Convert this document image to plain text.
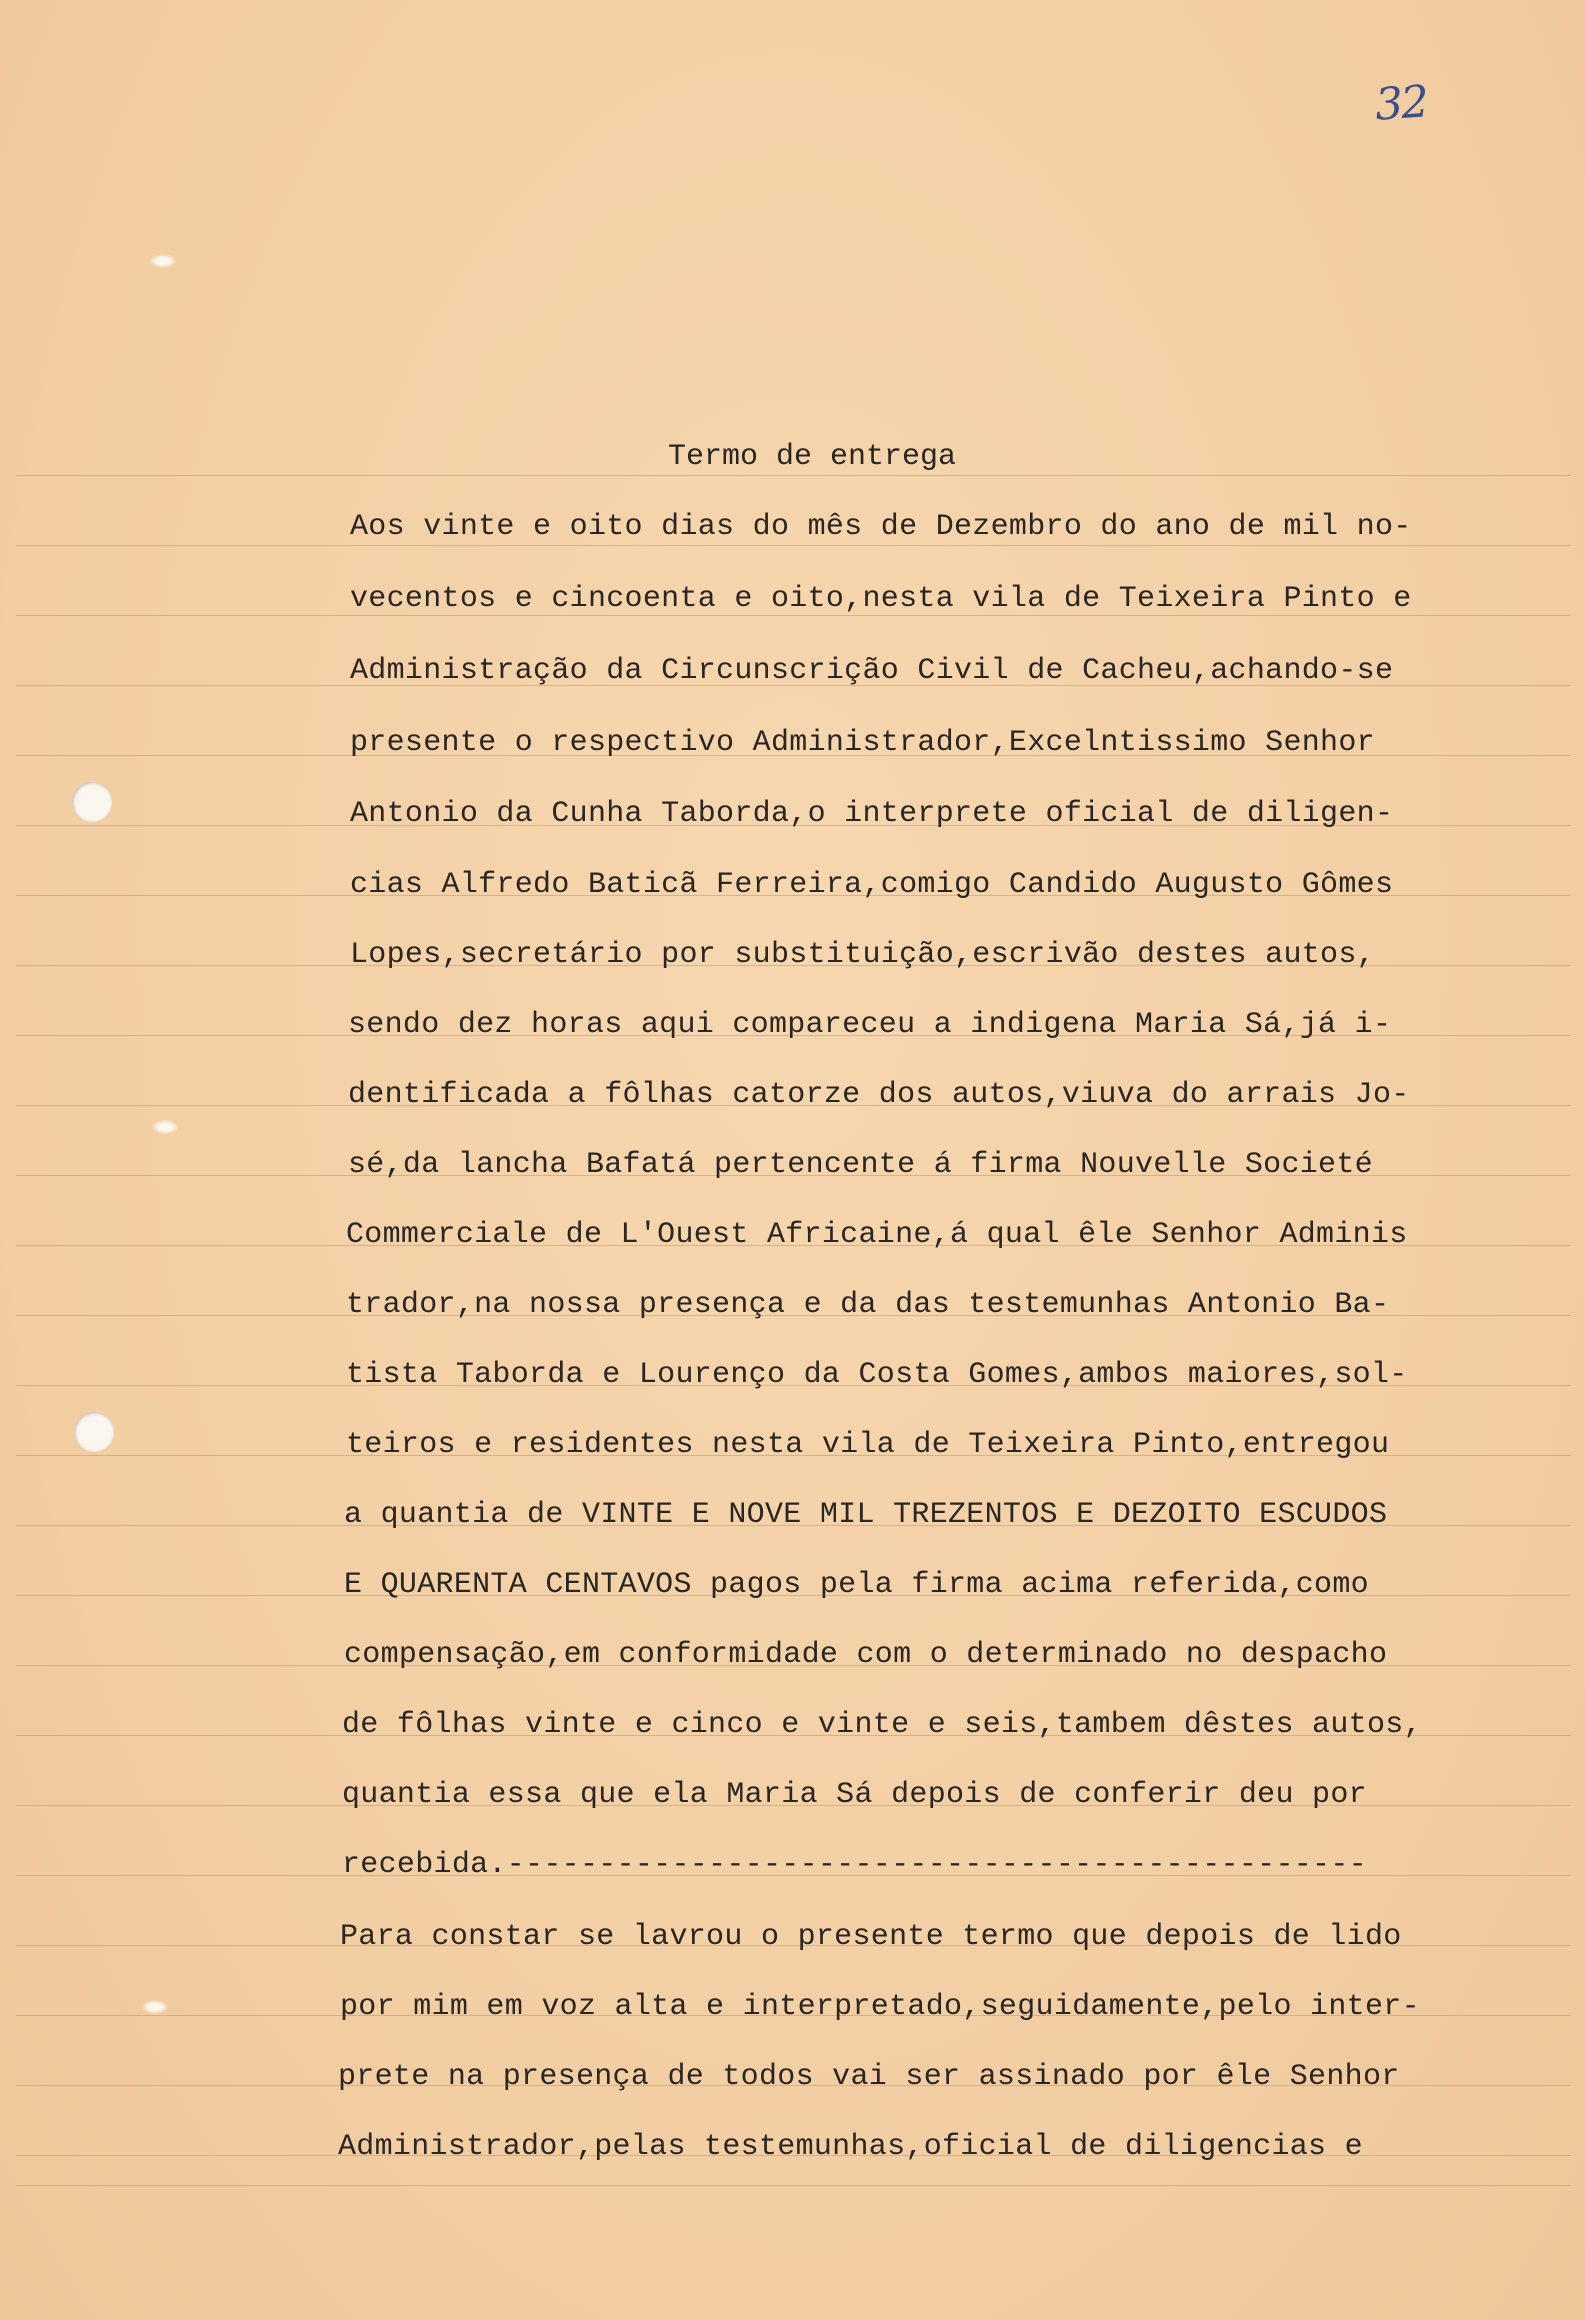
32
Termo de entrega
Aos vinte e oito dias do mês de Dezembro do ano de mil no-
vecentos e cincoenta e oito,nesta vila de Teixeira Pinto e
Administração da Circunscrição Civil de Cacheu,achando-se
presente o respectivo Administrador,Excelntissimo Senhor
Antonio da Cunha Taborda,o interprete oficial de diligen-
cias Alfredo Baticã Ferreira,comigo Candido Augusto Gômes
Lopes,secretário por substituição,escrivão destes autos,
sendo dez horas aqui compareceu a indigena Maria Sá,já i-
dentificada a fôlhas catorze dos autos,viuva do arrais Jo-
sé,da lancha Bafatá pertencente á firma Nouvelle Societé
Commerciale de L'Ouest Africaine,á qual êle Senhor Adminis
trador,na nossa presença e da das testemunhas Antonio Ba-
tista Taborda e Lourenço da Costa Gomes,ambos maiores,sol-
teiros e residentes nesta vila de Teixeira Pinto,entregou
a quantia de VINTE E NOVE MIL TREZENTOS E DEZOITO ESCUDOS
E QUARENTA CENTAVOS pagos pela firma acima referida,como
compensação,em conformidade com o determinado no despacho
de fôlhas vinte e cinco e vinte e seis,tambem dêstes autos,
quantia essa que ela Maria Sá depois de conferir deu por
recebida.-----------------------------------------------
Para constar se lavrou o presente termo que depois de lido
por mim em voz alta e interpretado,seguidamente,pelo inter-
prete na presença de todos vai ser assinado por êle Senhor
Administrador,pelas testemunhas,oficial de diligencias e
